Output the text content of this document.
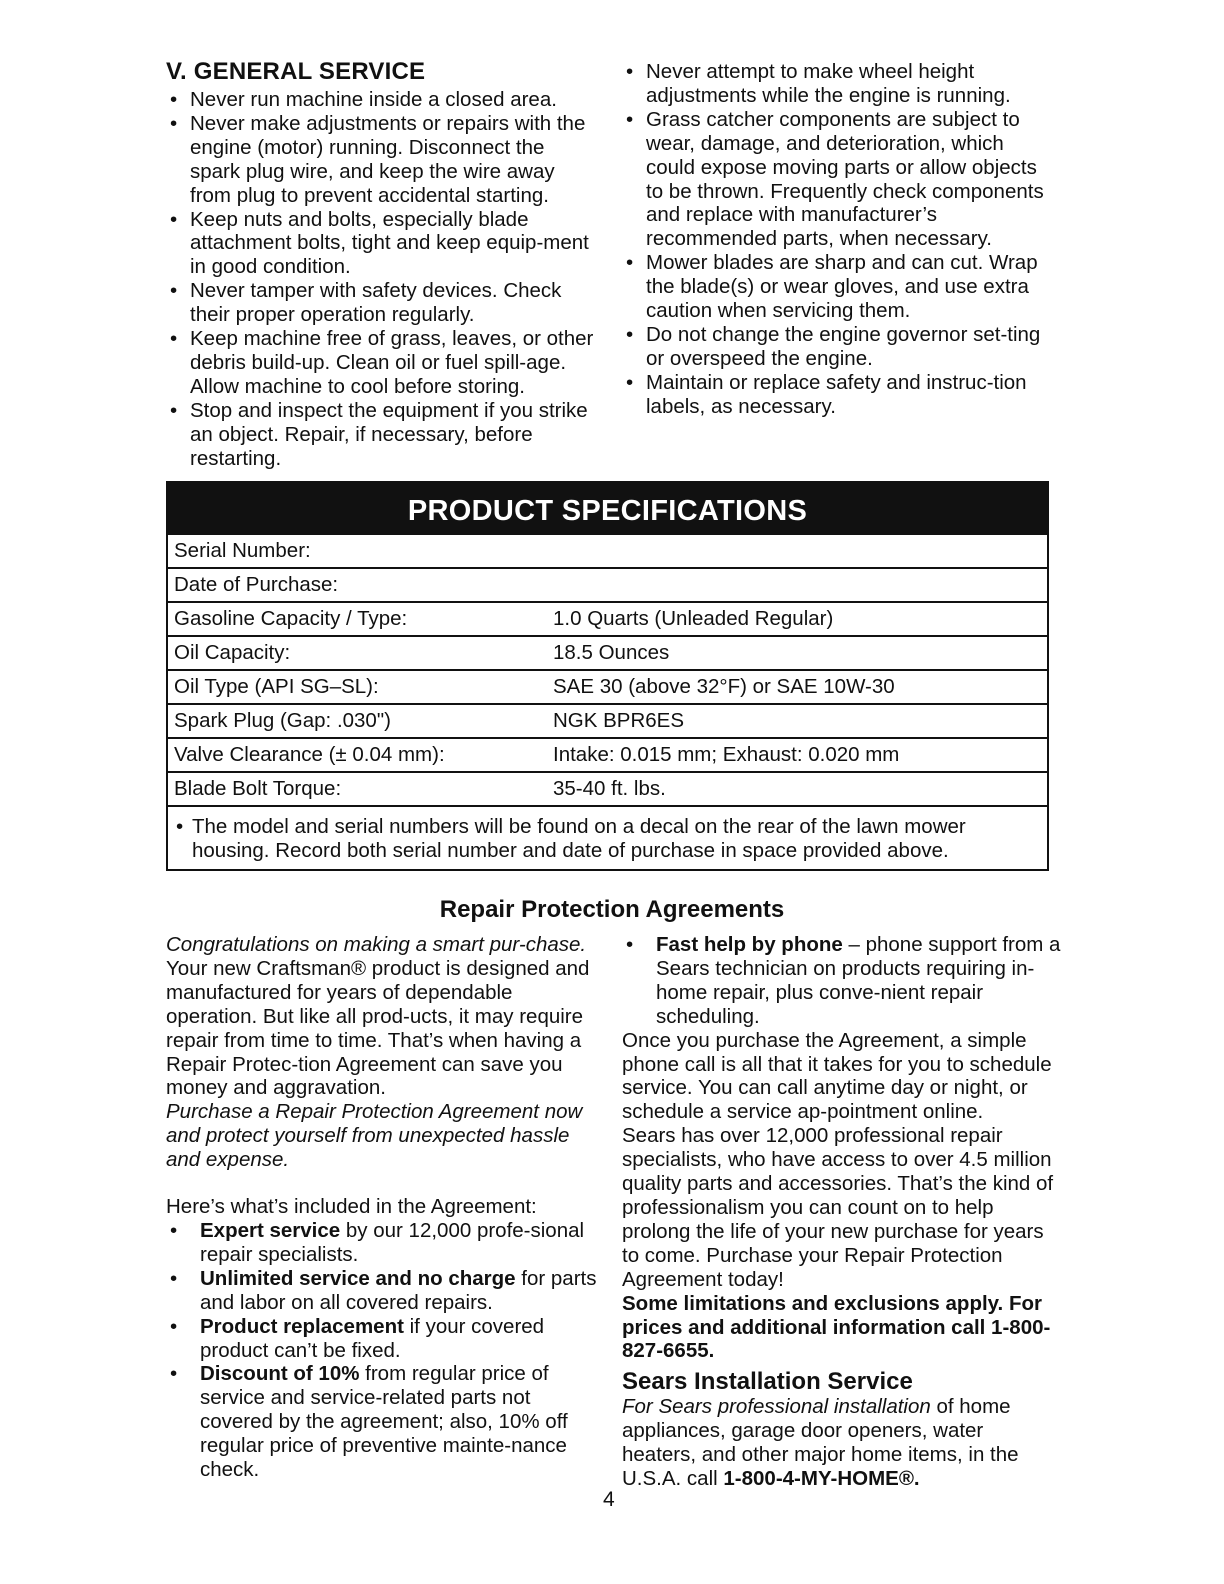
V. GENERAL SERVICE
• Never run machine inside a closed area.
• Never make adjustments or repairs with the engine (motor) running. Disconnect the spark plug wire, and keep the wire away from plug to prevent accidental starting.
• Keep nuts and bolts, especially blade attachment bolts, tight and keep equip-ment in good condition.
• Never tamper with safety devices. Check their proper operation regularly.
• Keep machine free of grass, leaves, or other debris build-up. Clean oil or fuel spill-age. Allow machine to cool before storing.
• Stop and inspect the equipment if you strike an object. Repair, if necessary, before restarting.
• Never attempt to make wheel height adjustments while the engine is running.
• Grass catcher components are subject to wear, damage, and deterioration, which could expose moving parts or allow objects to be thrown. Frequently check components and replace with manufacturer’s recommended parts, when necessary.
• Mower blades are sharp and can cut. Wrap the blade(s) or wear gloves, and use extra caution when servicing them.
• Do not change the engine governor set-ting or overspeed the engine.
• Maintain or replace safety and instruc-tion labels, as necessary.
PRODUCT SPECIFICATIONS
Serial Number:
Date of Purchase:
Gasoline Capacity / Type:	1.0 Quarts (Unleaded Regular)
Oil Capacity:	18.5 Ounces
Oil Type (API SG–SL):	SAE 30 (above 32°F) or SAE 10W-30
Spark Plug (Gap: .030")	NGK BPR6ES
Valve Clearance (± 0.04 mm):	Intake: 0.015 mm; Exhaust: 0.020 mm
Blade Bolt Torque:	35-40 ft. lbs.
• The model and serial numbers will be found on a decal on the rear of the lawn mower housing. Record both serial number and date of purchase in space provided above.
Repair Protection Agreements

Congratulations on making a smart pur-chase. Your new Craftsman® product is designed and manufactured for years of dependable operation. But like all prod-ucts, it may require repair from time to time. That’s when having a Repair Protec-tion Agreement can save you money and aggravation.

Purchase a Repair Protection Agreement now and protect yourself from unexpected hassle and expense.

Here’s what’s included in the Agreement:

• Expert service by our 12,000 profe-sional repair specialists.
• Unlimited service and no charge for parts and labor on all covered repairs.
• Product replacement if your covered product can’t be fixed.
• Discount of 10% from regular price of service and service-related parts not covered by the agreement; also, 10% off regular price of preventive mainte-nance check.
• Fast help by phone – phone support from a Sears technician on products requiring in-home repair, plus conve-nient repair scheduling.

Once you purchase the Agreement, a simple phone call is all that it takes for you to schedule service. You can call anytime day or night, or schedule a service ap-pointment online.

Sears has over 12,000 professional repair specialists, who have access to over 4.5 million quality parts and accessories. That’s the kind of professionalism you can count on to help prolong the life of your new purchase for years to come. Purchase your Repair Protection Agreement today!

Some limitations and exclusions apply. For prices and additional information call 1-800-827-6655.

Sears Installation Service

For Sears professional installation of home appliances, garage door openers, water heaters, and other major home items, in the U.S.A. call 1-800-4-MY-HOME®.

4
